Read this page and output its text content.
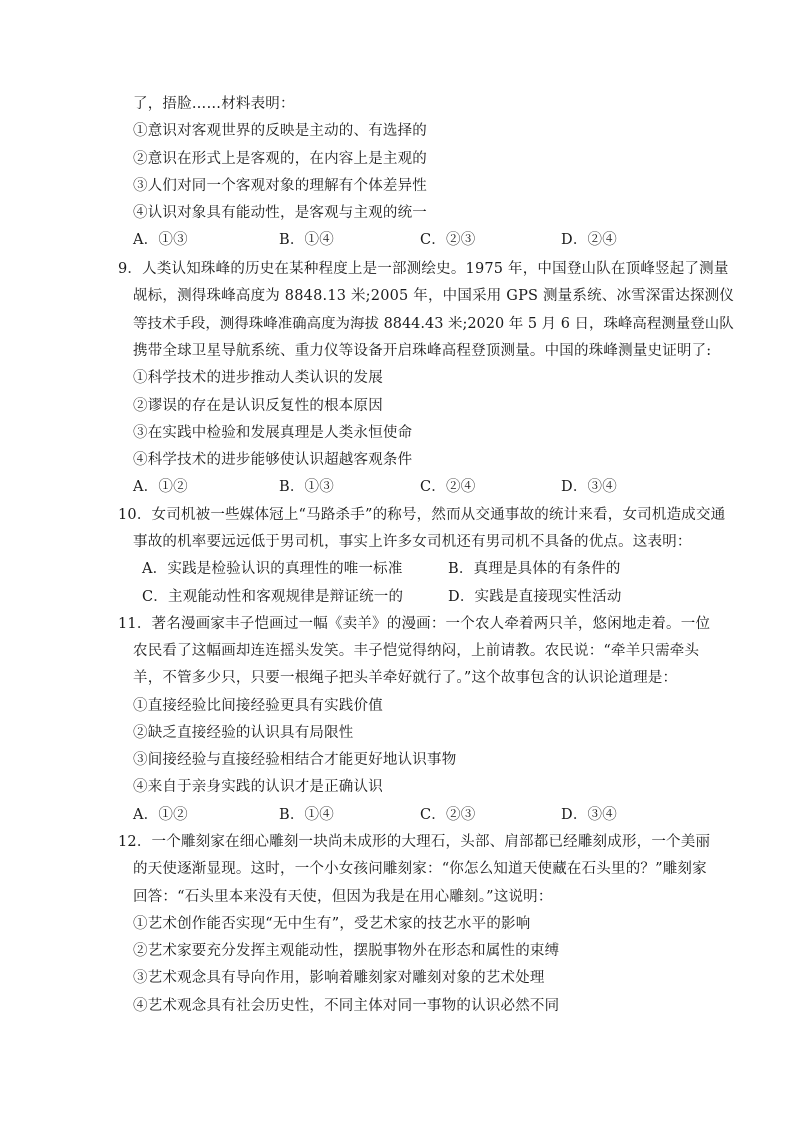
了，捂脸……材料表明：
①意识对客观世界的反映是主动的、有选择的
②意识在形式上是客观的，在内容上是主观的
③人们对同一个客观对象的理解有个体差异性
④认识对象具有能动性，是客观与主观的统一
A．①③	B．①④	C．②③	D．②④
9．人类认知珠峰的历史在某种程度上是一部测绘史。1975 年，中国登山队在顶峰竖起了测量
觇标，测得珠峰高度为 8848.13 米;2005 年，中国采用 GPS 测量系统、冰雪深雷达探测仪
等技术手段，测得珠峰准确高度为海拔 8844.43 米;2020 年 5 月 6 日，珠峰高程测量登山队
携带全球卫星导航系统、重力仪等设备开启珠峰高程登顶测量。中国的珠峰测量史证明了:
①科学技术的进步推动人类认识的发展
②谬误的存在是认识反复性的根本原因
③在实践中检验和发展真理是人类永恒使命
④科学技术的进步能够使认识超越客观条件
A．①②	B．①③	C．②④	D．③④
10．女司机被一些媒体冠上“马路杀手”的称号，然而从交通事故的统计来看，女司机造成交通
事故的机率要远远低于男司机，事实上许多女司机还有男司机不具备的优点。这表明：
A．实践是检验认识的真理性的唯一标准	B．真理是具体的有条件的
C．主观能动性和客观规律是辩证统一的	D．实践是直接现实性活动
11．著名漫画家丰子恺画过一幅《卖羊》的漫画：一个农人牵着两只羊，悠闲地走着。一位
农民看了这幅画却连连摇头发笑。丰子恺觉得纳闷，上前请教。农民说：“牵羊只需牵头
羊，不管多少只，只要一根绳子把头羊牵好就行了。”这个故事包含的认识论道理是：
①直接经验比间接经验更具有实践价值
②缺乏直接经验的认识具有局限性
③间接经验与直接经验相结合才能更好地认识事物
④来自于亲身实践的认识才是正确认识
A．①②	B．①④	C．②③	D．③④
12．一个雕刻家在细心雕刻一块尚未成形的大理石，头部、肩部都已经雕刻成形，一个美丽
的天使逐渐显现。这时，一个小女孩问雕刻家：“你怎么知道天使藏在石头里的？”雕刻家
回答：“石头里本来没有天使，但因为我是在用心雕刻。”这说明：
①艺术创作能否实现“无中生有”，受艺术家的技艺水平的影响
②艺术家要充分发挥主观能动性，摆脱事物外在形态和属性的束缚
③艺术观念具有导向作用，影响着雕刻家对雕刻对象的艺术处理
④艺术观念具有社会历史性，不同主体对同一事物的认识必然不同
